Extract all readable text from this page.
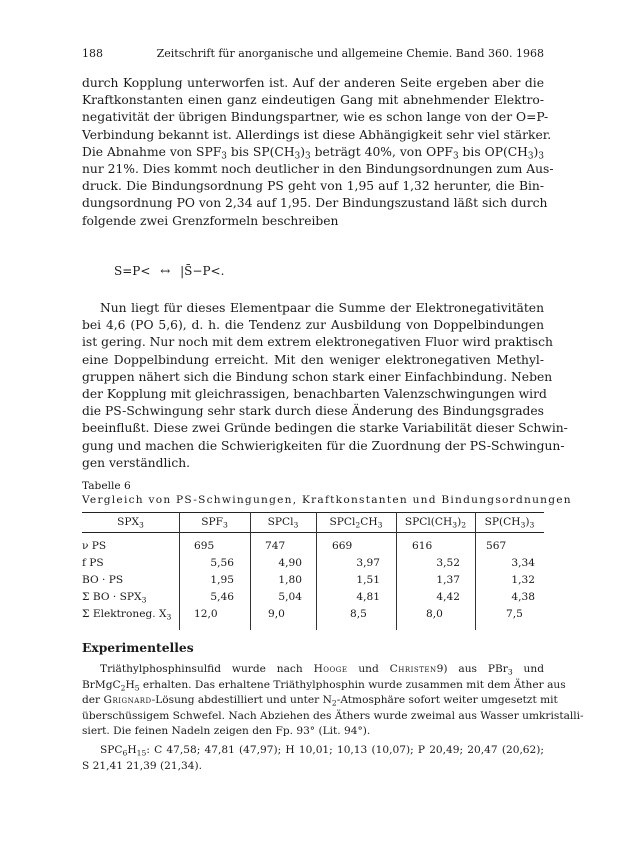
188	Zeitschrift für anorganische und allgemeine Chemie. Band 360. 1968
durch Kopplung unterworfen ist. Auf der anderen Seite ergeben aber die
Kraftkonstanten einen ganz eindeutigen Gang mit abnehmender Elektro-
negativität der übrigen Bindungspartner, wie es schon lange von der O=P-
Verbindung bekannt ist. Allerdings ist diese Abhängigkeit sehr viel stärker.
Die Abnahme von $SPF_3$ bis $SP(CH_3)_3$ beträgt 40%, von $OPF_3$ bis $OP(CH_3)_3$
nur 21%. Dies kommt noch deutlicher in den Bindungsordnungen zum Aus-
druck. Die Bindungsordnung PS geht von 1,95 auf 1,32 herunter, die Bin-
dungsordnung PO von 2,34 auf 1,95. Der Bindungszustand läßt sich durch
folgende zwei Grenzformeln beschreiben
S=P< ↔ |S̄−P<.
Nun liegt für dieses Elementpaar die Summe der Elektronegativitäten
bei 4,6 (PO 5,6), d. h. die Tendenz zur Ausbildung von Doppelbindungen
ist gering. Nur noch mit dem extrem elektronegativen Fluor wird praktisch
eine Doppelbindung erreicht. Mit den weniger elektronegativen Methyl-
gruppen nähert sich die Bindung schon stark einer Einfachbindung. Neben
der Kopplung mit gleichrassigen, benachbarten Valenzschwingungen wird
die PS-Schwingung sehr stark durch diese Änderung des Bindungsgrades
beeinflußt. Diese zwei Gründe bedingen die starke Variabilität dieser Schwin-
gung und machen die Schwierigkeiten für die Zuordnung der PS-Schwingun-
gen verständlich.
Tabelle 6
Vergleich von PS-Schwingungen, Kraftkonstanten und Bindungsordnungen
$SPX_3$	$SPF_3$	SPCl$_3$	$SPCl_2CH_3$	$SPCl(CH_3)_2$	$SP(CH_3)_3$
ν PS	695	747	669	616	567
f PS	5,56	4,90	3,97	3,52	3,34
BO · PS	1,95	1,80	1,51	1,37	1,32
Σ BO · $SPX_3$	5,46	5,04	4,81	4,42	4,38
Σ Elektroneg. $X_3$ 12,0	9,0	8,5	8,0	7,5
Experimentelles
Triäthylphosphinsulfid wurde nach Hooge und Christen9) aus PBr$_3$ und
$BrMgC_2H_5$ erhalten. Das erhaltene Triäthylphosphin wurde zusammen mit dem Äther aus
der Grignard-Lösung abdestilliert und unter $N_2$-Atmosphäre sofort weiter umgesetzt mit
überschüssigem Schwefel. Nach Abziehen des Äthers wurde zweimal aus Wasser umkristalli-
siert. Die feinen Nadeln zeigen den Fp. 93° (Lit. 94°).
$SPC_6H_{15}$: C 47,58; 47,81 (47,97); H 10,01; 10,13 (10,07); P 20,49; 20,47 (20,62);
S 21,41 21,39 (21,34).
